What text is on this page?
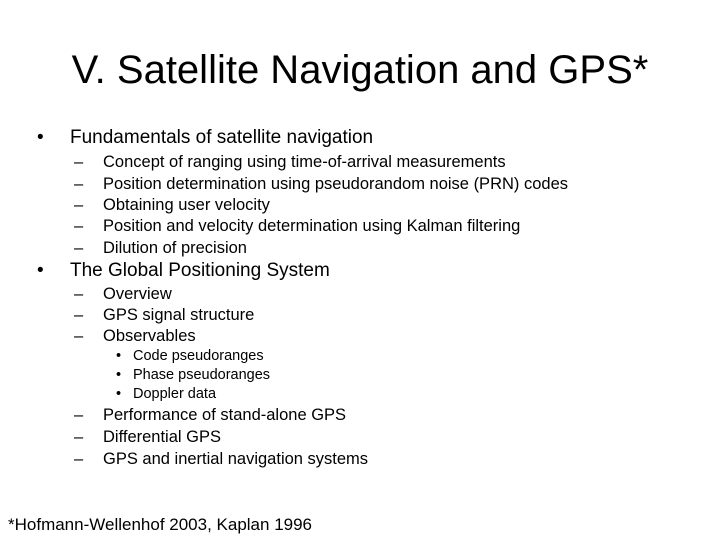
V. Satellite Navigation and GPS*
• Fundamentals of satellite navigation
– Concept of ranging using time-of-arrival measurements
– Position determination using pseudorandom noise (PRN) codes
– Obtaining user velocity
– Position and velocity determination using Kalman filtering
– Dilution of precision
• The Global Positioning System
– Overview
– GPS signal structure
– Observables
• Code pseudoranges
• Phase pseudoranges
• Doppler data
– Performance of stand-alone GPS
– Differential GPS
– GPS and inertial navigation systems
*Hofmann-Wellenhof 2003, Kaplan 1996
